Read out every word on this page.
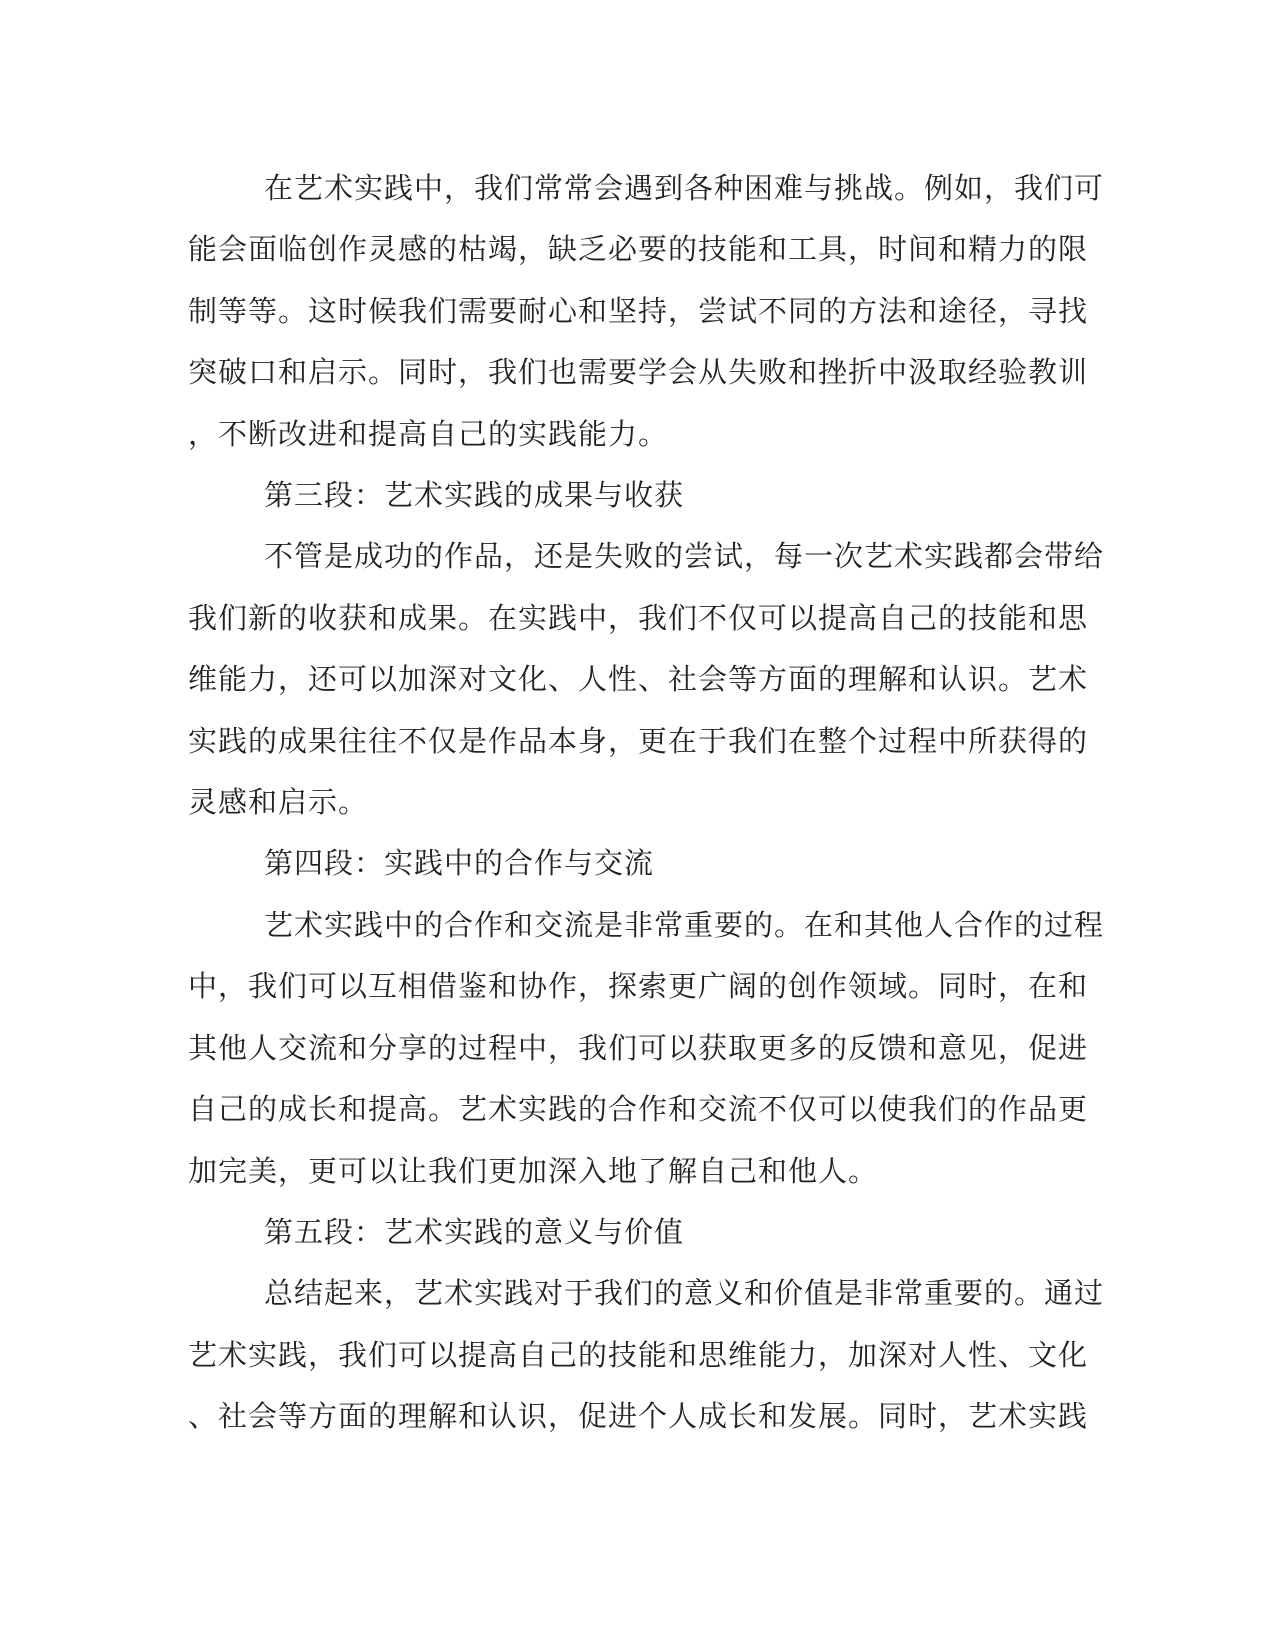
在艺术实践中，我们常常会遇到各种困难与挑战。例如，我们可
能会面临创作灵感的枯竭，缺乏必要的技能和工具，时间和精力的限
制等等。这时候我们需要耐心和坚持，尝试不同的方法和途径，寻找
突破口和启示。同时，我们也需要学会从失败和挫折中汲取经验教训
，不断改进和提高自己的实践能力。
第三段：艺术实践的成果与收获
不管是成功的作品，还是失败的尝试，每一次艺术实践都会带给
我们新的收获和成果。在实践中，我们不仅可以提高自己的技能和思
维能力，还可以加深对文化、人性、社会等方面的理解和认识。艺术
实践的成果往往不仅是作品本身，更在于我们在整个过程中所获得的
灵感和启示。
第四段：实践中的合作与交流
艺术实践中的合作和交流是非常重要的。在和其他人合作的过程
中，我们可以互相借鉴和协作，探索更广阔的创作领域。同时，在和
其他人交流和分享的过程中，我们可以获取更多的反馈和意见，促进
自己的成长和提高。艺术实践的合作和交流不仅可以使我们的作品更
加完美，更可以让我们更加深入地了解自己和他人。
第五段：艺术实践的意义与价值
总结起来，艺术实践对于我们的意义和价值是非常重要的。通过
艺术实践，我们可以提高自己的技能和思维能力，加深对人性、文化
、社会等方面的理解和认识，促进个人成长和发展。同时，艺术实践
